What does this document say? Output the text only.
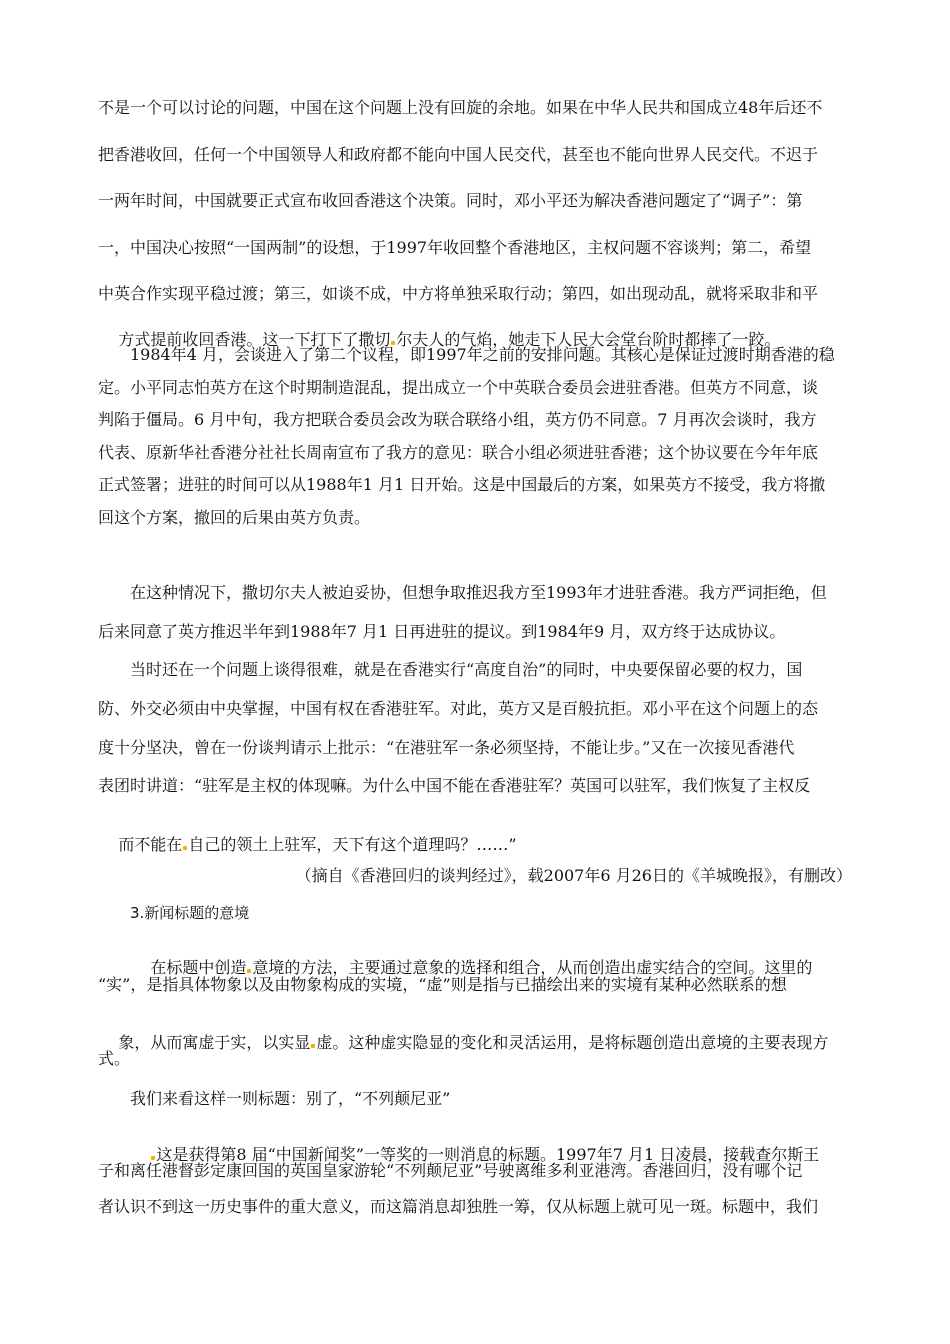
不是一个可以讨论的问题，中国在这个问题上没有回旋的余地。如果在中华人民共和国成立48年后还不
把香港收回，任何一个中国领导人和政府都不能向中国人民交代，甚至也不能向世界人民交代。不迟于
一两年时间，中国就要正式宣布收回香港这个决策。同时，邓小平还为解决香港问题定了“调子”：第
一，中国决心按照“一国两制”的设想，于1997年收回整个香港地区，主权问题不容谈判；第二，希望
中英合作实现平稳过渡；第三，如谈不成，中方将单独采取行动；第四，如出现动乱，就将采取非和平

方式提前收回香港。这一下打下了撒切 尔夫人的气焰，她走下人民大会堂台阶时都摔了一跤。

1984年4 月，会谈进入了第二个议程，即1997年之前的安排问题。其核心是保证过渡时期香港的稳
定。小平同志怕英方在这个时期制造混乱，提出成立一个中英联合委员会进驻香港。但英方不同意，谈
判陷于僵局。6 月中旬，我方把联合委员会改为联合联络小组，英方仍不同意。7 月再次会谈时，我方
代表、原新华社香港分社社长周南宣布了我方的意见：联合小组必须进驻香港；这个协议要在今年年底
正式签署；进驻的时间可以从1988年1 月1 日开始。这是中国最后的方案，如果英方不接受，我方将撤
回这个方案，撤回的后果由英方负责。
在这种情况下，撒切尔夫人被迫妥协，但想争取推迟我方至1993年才进驻香港。我方严词拒绝，但
后来同意了英方推迟半年到1988年7 月1 日再进驻的提议。到1984年9 月，双方终于达成协议。
当时还在一个问题上谈得很难，就是在香港实行“高度自治”的同时，中央要保留必要的权力，国
防、外交必须由中央掌握，中国有权在香港驻军。对此，英方又是百般抗拒。邓小平在这个问题上的态
度十分坚决，曾在一份谈判请示上批示：“在港驻军一条必须坚持，不能让步。”又在一次接见香港代
表团时讲道：“驻军是主权的体现嘛。为什么中国不能在香港驻军？英国可以驻军，我们恢复了主权反

而不能在 自己的领土上驻军，天下有这个道理吗？……”

（摘自《香港回归的谈判经过》，载2007年6 月26日的《羊城晚报》，有删改）
3.新闻标题的意境

在标题中创造 意境的方法，主要通过意象的选择和组合，从而创造出虚实结合的空间。这里的

“实”，是指具体物象以及由物象构成的实境，“虚”则是指与已描绘出来的实境有某种必然联系的想

象，从而寓虚于实，以实显 虚。这种虚实隐显的变化和灵活运用，是将标题创造出意境的主要表现方

式。
我们来看这样一则标题：别了，“不列颠尼亚”

这是获得第8 届“中国新闻奖”一等奖的一则消息的标题。1997年7 月1 日凌晨，接载查尔斯王

子和离任港督彭定康回国的英国皇家游轮“不列颠尼亚”号驶离维多利亚港湾。香港回归，没有哪个记
者认识不到这一历史事件的重大意义，而这篇消息却独胜一筹，仅从标题上就可见一斑。标题中，我们
